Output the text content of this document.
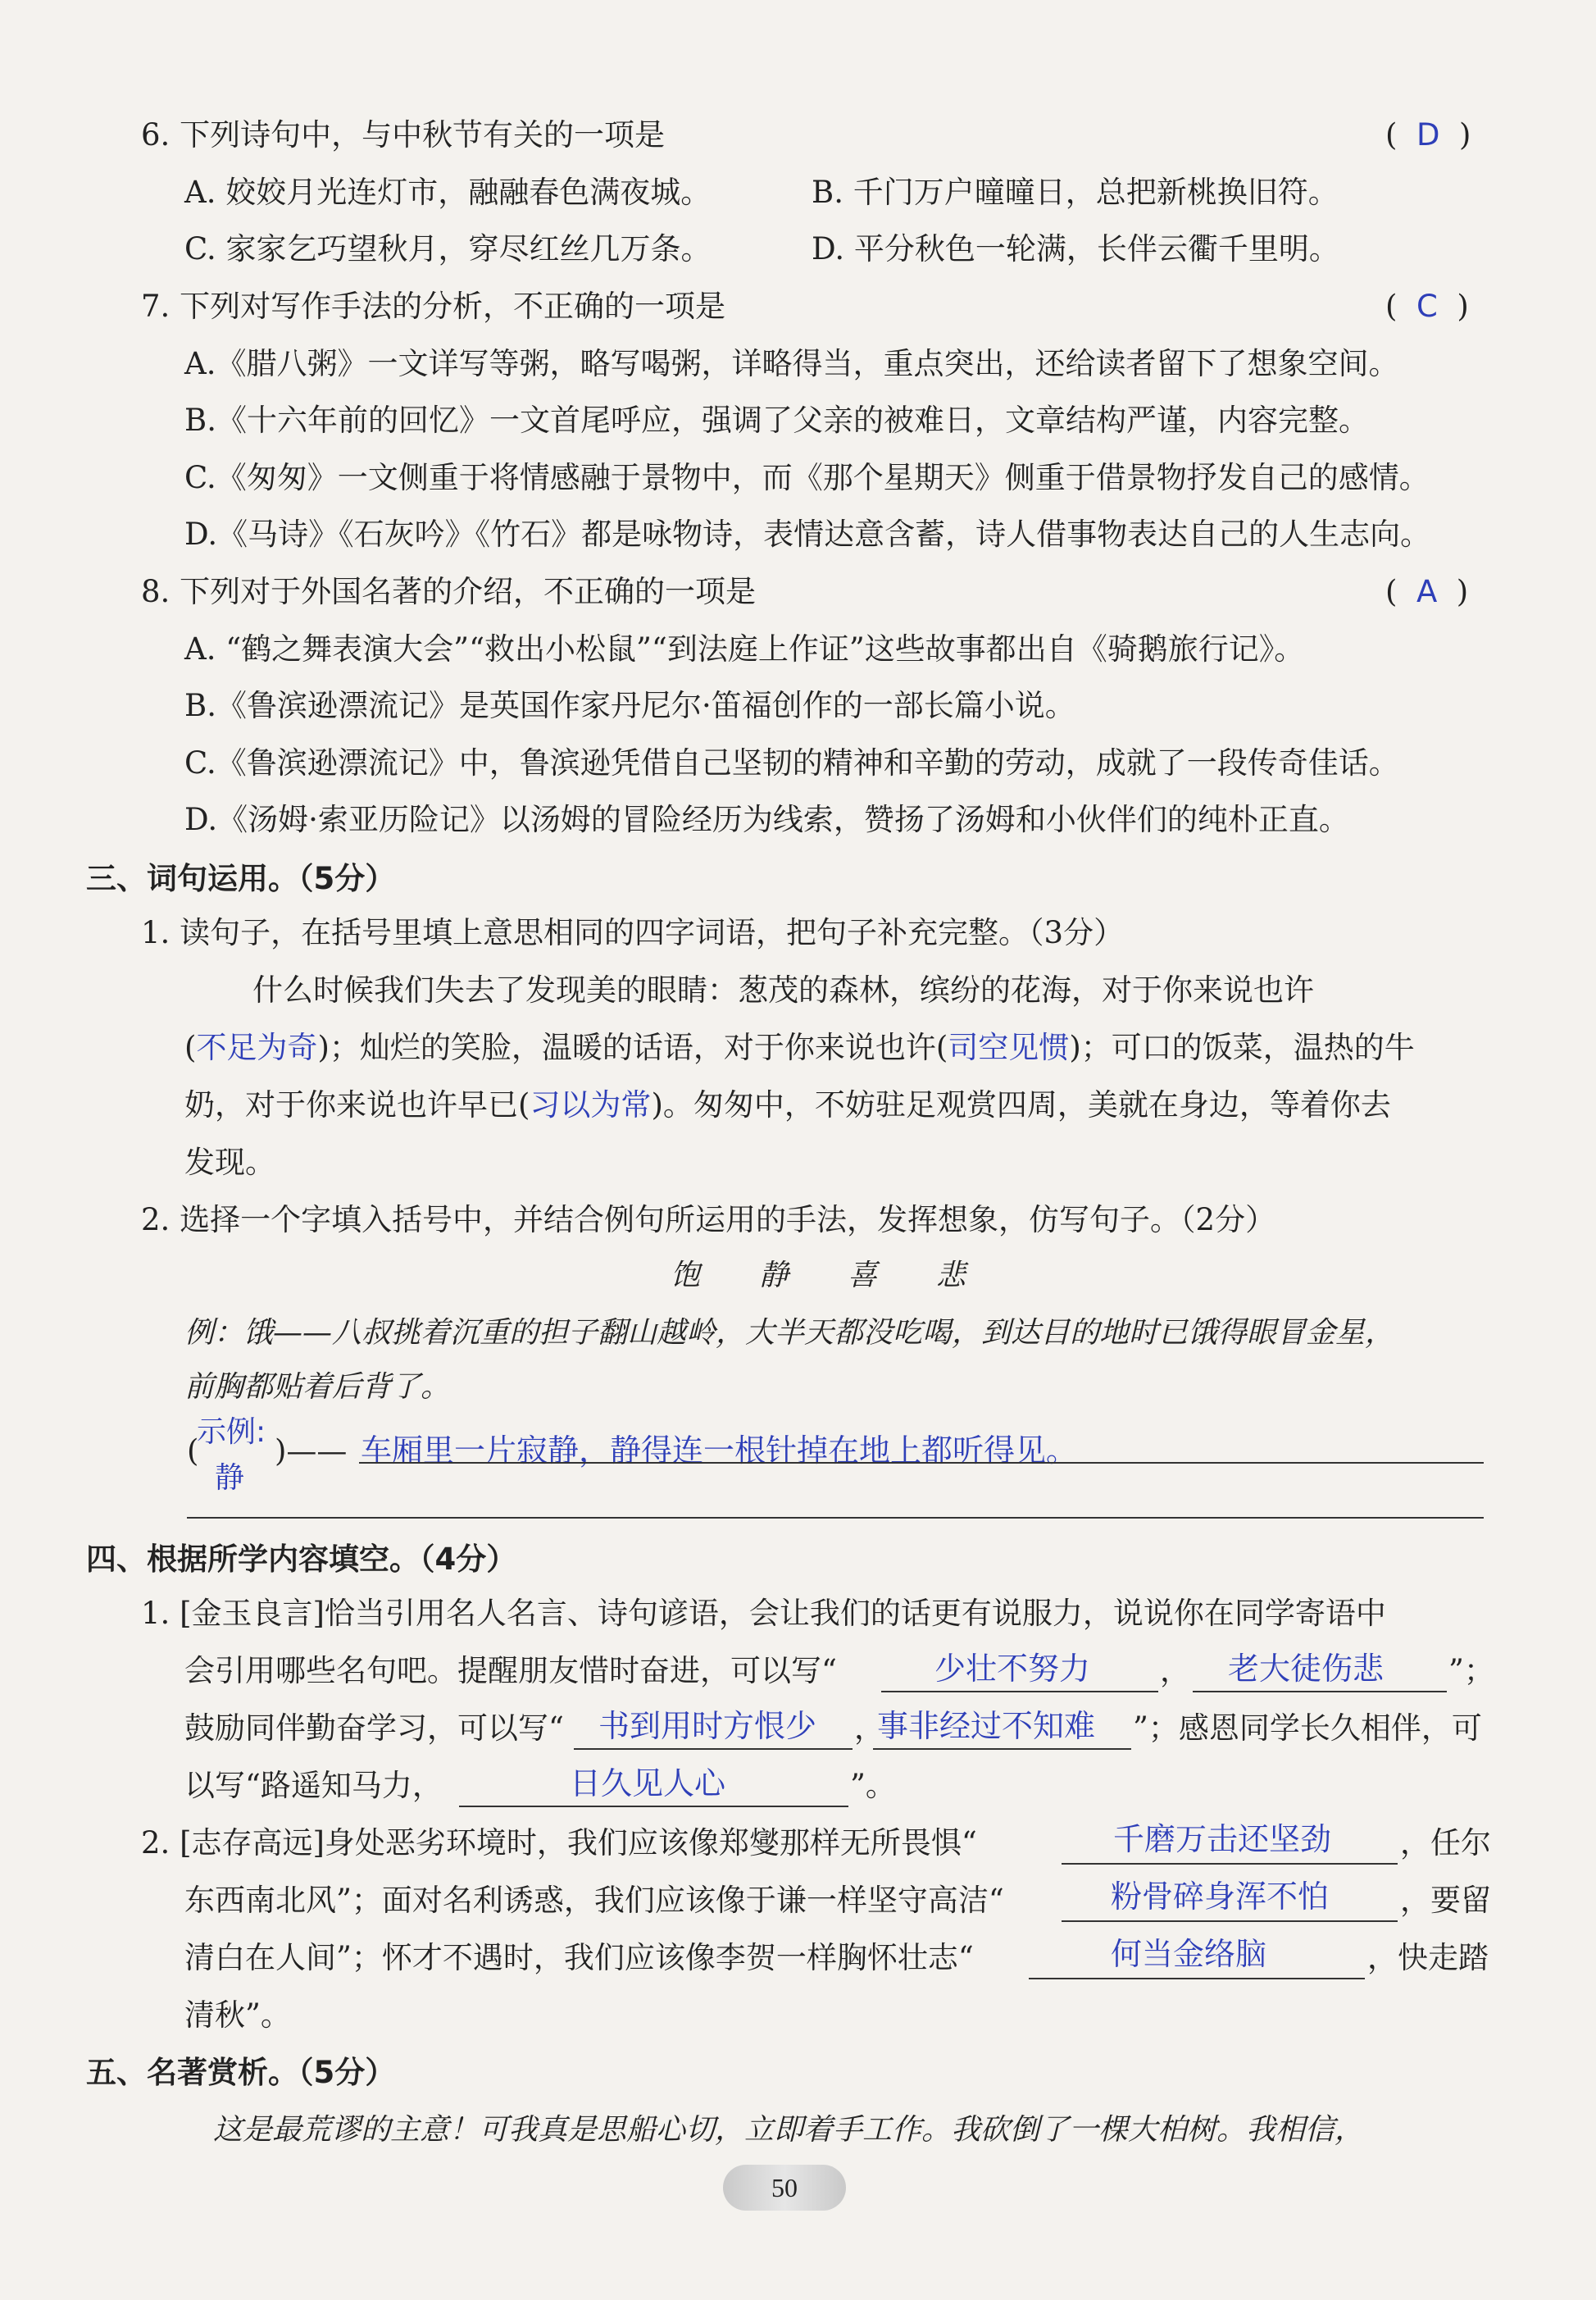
6. 下列诗句中，与中秋节有关的一项是	(  D  )
A. 姣姣月光连灯市，融融春色满夜城。	B. 千门万户曈曈日，总把新桃换旧符。
C. 家家乞巧望秋月，穿尽红丝几万条。	D. 平分秋色一轮满，长伴云衢千里明。
7. 下列对写作手法的分析，不正确的一项是	(  C  )
A.《腊八粥》一文详写等粥，略写喝粥，详略得当，重点突出，还给读者留下了想象空间。
B.《十六年前的回忆》一文首尾呼应，强调了父亲的被难日，文章结构严谨，内容完整。
C.《匆匆》一文侧重于将情感融于景物中，而《那个星期天》侧重于借景物抒发自己的感情。
D.《马诗》《石灰吟》《竹石》都是咏物诗，表情达意含蓄，诗人借事物表达自己的人生志向。
8. 下列对于外国名著的介绍，不正确的一项是	(  A  )
A. “鹤之舞表演大会”“救出小松鼠”“到法庭上作证”这些故事都出自《骑鹅旅行记》。
B.《鲁滨逊漂流记》是英国作家丹尼尔·笛福创作的一部长篇小说。
C.《鲁滨逊漂流记》中，鲁滨逊凭借自己坚韧的精神和辛勤的劳动，成就了一段传奇佳话。
D.《汤姆·索亚历险记》以汤姆的冒险经历为线索，赞扬了汤姆和小伙伴们的纯朴正直。
三、词句运用。（5分）
1. 读句子，在括号里填上意思相同的四字词语，把句子补充完整。（3分）
什么时候我们失去了发现美的眼睛：葱茂的森林，缤纷的花海，对于你来说也许
(不足为奇)；灿烂的笑脸，温暖的话语，对于你来说也许(司空见惯)；可口的饭菜，温热的牛
奶，对于你来说也许早已(习以为常)。匆匆中，不妨驻足观赏四周，美就在身边，等着你去
发现。
2. 选择一个字填入括号中，并结合例句所运用的手法，发挥想象，仿写句子。（2分）
饱　　静　　喜　　悲
例：饿——八叔挑着沉重的担子翻山越岭，大半天都没吃喝，到达目的地时已饿得眼冒金星，
前胸都贴着后背了。
示例:
(
静
)—— 车厢里一片寂静，静得连一根针掉在地上都听得见。
四、根据所学内容填空。（4分）
1. [金玉良言]恰当引用名人名言、诗句谚语，会让我们的话更有说服力，说说你在同学寄语中
会引用哪些名句吧。提醒朋友惜时奋进，可以写“	少壮不努力 ， 老大徒伤悲 ”；
鼓励同伴勤奋学习，可以写“ 书到用时方恨少 ，
事非经过不知难 ”；感恩同学长久相伴，可
以写“路遥知马力，	日久见人心	”。
2. [志存高远]身处恶劣环境时，我们应该像郑燮那样无所畏惧“	千磨万击还坚劲 ，任尔
东西南北风”；面对名利诱惑，我们应该像于谦一样坚守高洁“	粉骨碎身浑不怕 ，要留
清白在人间”；怀才不遇时，我们应该像李贺一样胸怀壮志“	何当金络脑	，快走踏
清秋”。
五、名著赏析。（5分）
这是最荒谬的主意！可我真是思船心切，立即着手工作。我砍倒了一棵大柏树。我相信，
50
